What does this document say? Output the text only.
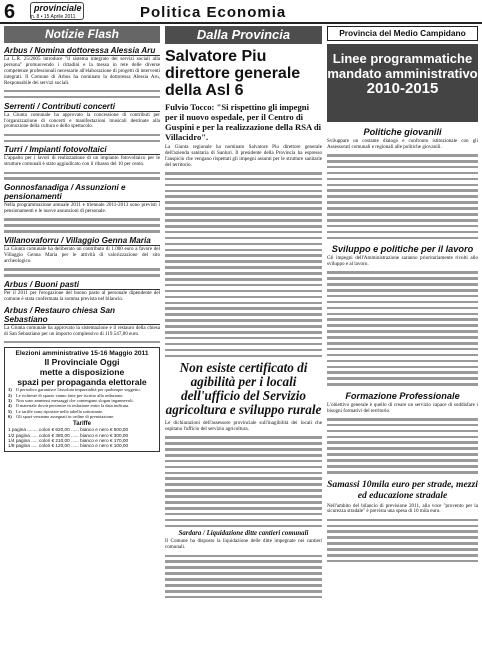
6 provinciale
n. 8 • 15 Aprile 2011	Politica Economia
Notizie Flash
Arbus / Nomina dottoressa Alessia Aru

La L.R. 25/2005 introduce "il sistema integrato dei servizi sociali alla persona" promuovendo i cittadini e la messa in rete delle diverse competenze professionali necessarie all'elaborazione di progetti di interventi integrati. Il Comune di Arbus ha nominato la dottoressa Alessia Aru, Responsabile dei servizi sociali.

Serrenti / Contributi concerti

La Giunta comunale ha approvato la concessione di contributi per l'organizzazione di concerti e manifestazioni musicali destinate alla promozione della cultura e dello spettacolo.

Turri / Impianti fotovoltaici

L'appalto per i lavori di realizzazione di un impianto fotovoltaico per le strutture comunali è stato aggiudicato con il ribasso del 10 per cento.

Gonnosfanadiga / Assunzioni e pensionamenti

Nella programmazione annuale 2011 e triennale 2011-2013 sono previsti i pensionamenti e le nuove assunzioni di personale.

Villanovaforru / Villaggio Genna Maria

La Giunta comunale ha deliberato un contributo di 1.000 euro a favore del Villaggio Genna Maria per le attività di valorizzazione del sito archeologico.

Arbus / Buoni pasti

Per il 2011 per l'erogazione del buono pasto al personale dipendente del comune è stata confermata la somma prevista nel bilancio.

Arbus / Restauro chiesa San Sebastiano

La Giunta comunale ha approvato la sistemazione e il restauro della chiesa di San Sebastiano per un importo complessivo di 119.547,80 euro.

Elezioni amministrative 15-16 Maggio 2011
Il Provinciale Oggi
mette a disposizione
spazi per propaganda elettorale
1) Il periodico garantisce l'assoluta imparzialità per qualunque soggetto.
2) Le richieste di spazio vanno fatte per iscritto alla redazione.
3) Non sono ammessi messaggi che contengano slogan ingannevoli.
4) Il materiale dovrà pervenire in redazione entro la data indicata.
5) Le tariffe sono riportate nella tabella sottostante.
6) Gli spazi verranno assegnati in ordine di prenotazione.
Tariffe
1 pagina ........ colori € 620,00 ...... bianco e nero € 500,00
1/2 pagina ..... colori € 380,00 ...... bianco e nero € 300,00
1/4 pagina ..... colori € 210,00 ...... bianco e nero € 170,00
1/8 pagina ..... colori € 120,00 ...... bianco e nero € 100,00
Dalla Provincia
Salvatore Piu direttore generale della Asl 6
Fulvio Tocco: "Si rispettino gli impegni per il nuovo ospedale, per il Centro di Guspini e per la realizzazione della RSA di Villacidro".

La Giunta regionale ha nominato Salvatore Piu direttore generale dell'azienda sanitaria di Sanluri. Il presidente della Provincia ha espresso l'auspicio che vengano rispettati gli impegni assunti per le strutture sanitarie del territorio.

Non esiste certificato di agibilità per i locali dell'ufficio del Servizio agricoltura e sviluppo rurale

Le dichiarazioni dell'assessore provinciale sull'inagibilità dei locali che ospitano l'ufficio del servizio agricoltura.

Sardara / Liquidazione ditte cantieri comunali

Il Comune ha disposto la liquidazione delle ditte impegnate nei cantieri comunali.

Provincia del Medio Campidano
Linee programmatiche
mandato amministrativo
2010-2015
Politiche giovanili

Sviluppare un costante dialogo e confronto istituzionale con gli Assessorati comunali e regionali alle politiche giovanili.

Sviluppo e politiche per il lavoro

Gli impegni dell'Amministrazione saranno prioritariamente rivolti allo sviluppo e al lavoro.

Formazione Professionale

L'obiettivo generale è quello di creare un servizio capace di soddisfare i bisogni formativi del territorio.

Samassi 10mila euro per strade, mezzi ed educazione stradale

Nell'ambito del bilancio di previsione 2011, alla voce "provento per la sicurezza stradale" è prevista una spesa di 10 mila euro.
